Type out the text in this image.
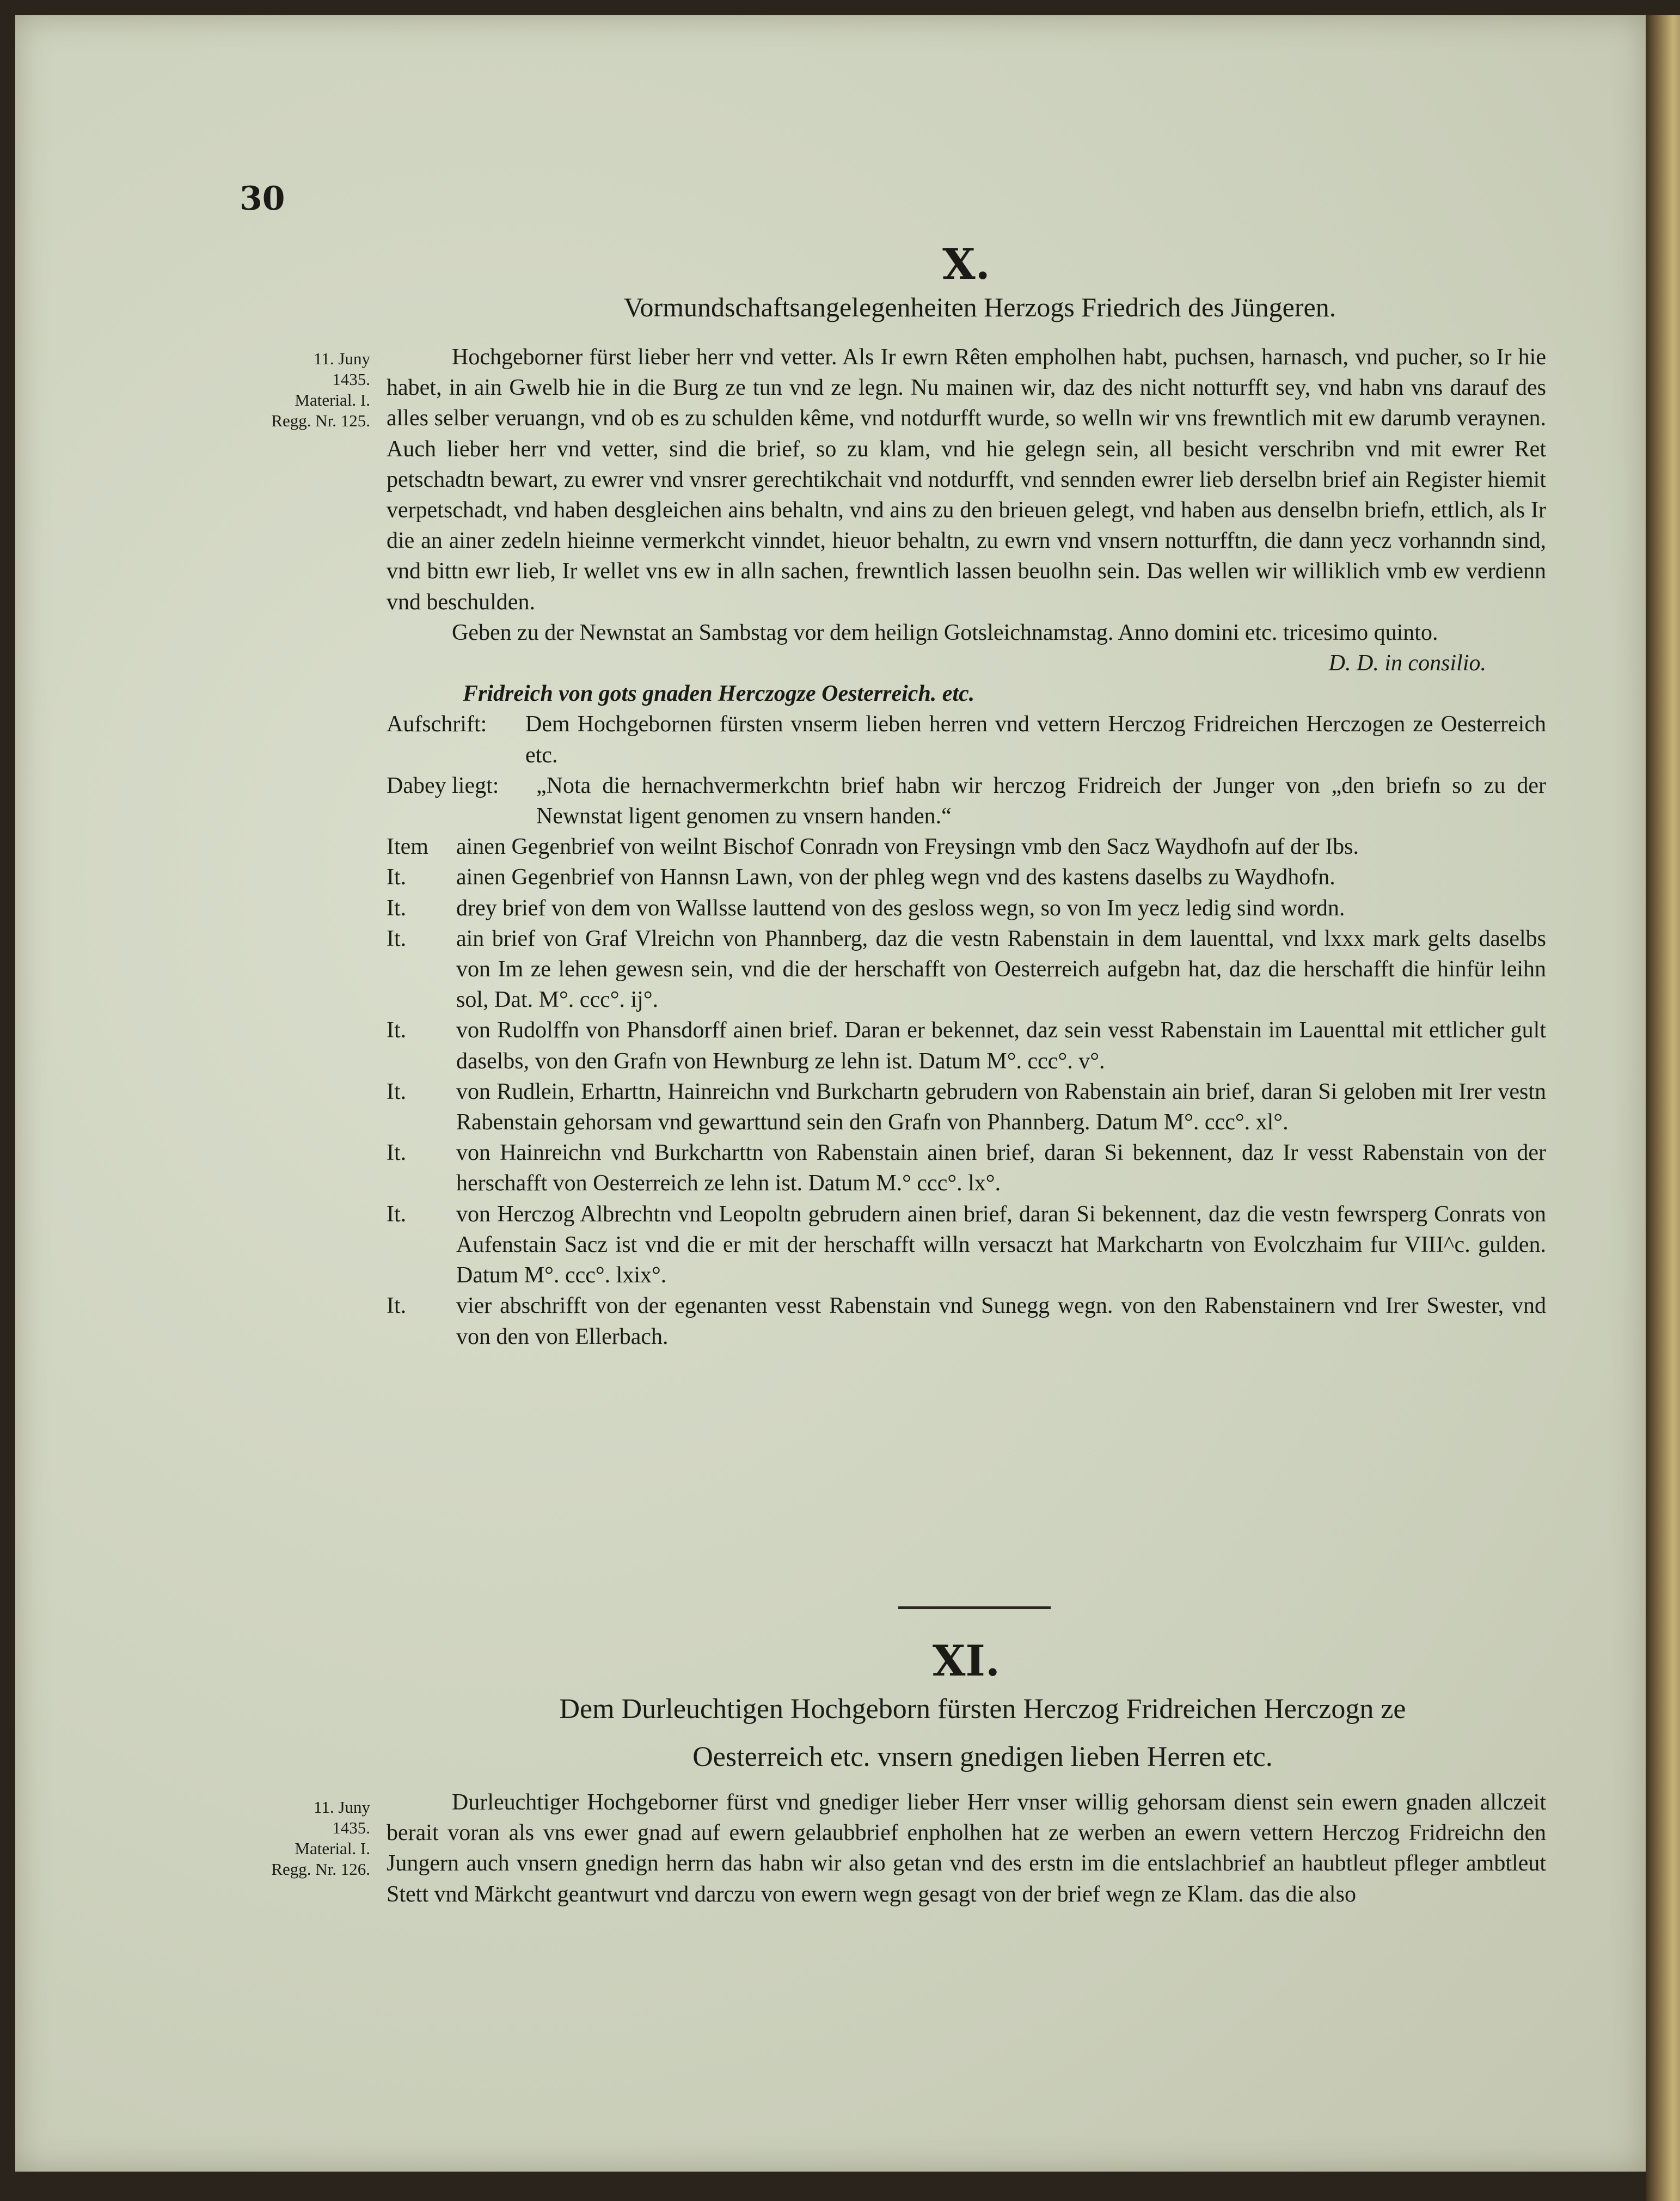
30
X.
Vormundschaftsangelegenheiten Herzogs Friedrich des Jüngeren.
11. Juny
1435.
Material. I.
Regg. Nr. 125.

Hochgeborner fürst lieber herr vnd vetter. Als Ir ewrn Rêten empholhen habt, puchsen, harnasch, vnd pucher, so Ir hie habet, in ain Gwelb hie in die Burg ze tun vnd ze legn. Nu mainen wir, daz des nicht notturfft sey, vnd habn vns darauf des alles selber veruangn, vnd ob es zu schulden kême, vnd notdurfft wurde, so welln wir vns frewntlich mit ew darumb veraynen. Auch lieber herr vnd vetter, sind die brief, so zu klam, vnd hie gelegn sein, all besicht verschribn vnd mit ewrer Ret petschadtn bewart, zu ewrer vnd vnsrer gerechtikchait vnd notdurfft, vnd sennden ewrer lieb derselbn brief ain Register hiemit verpetschadt, vnd haben desgleichen ains behaltn, vnd ains zu den brieuen gelegt, vnd haben aus denselbn briefn, ettlich, als Ir die an ainer zedeln hieinne vermerkcht vinndet, hieuor behaltn, zu ewrn vnd vnsern notturfftn, die dann yecz vorhanndn sind, vnd bittn ewr lieb, Ir wellet vns ew in alln sachen, frewntlich lassen beuolhn sein. Das wellen wir williklich vmb ew verdienn vnd beschulden.

Geben zu der Newnstat an Sambstag vor dem heilign Gotsleichnamstag. Anno domini etc. tricesimo quinto.

D. D. in consilio.

Fridreich von gots gnaden Herczogze Oesterreich. etc.

Aufschrift:	Dem Hochgebornen fürsten vnserm lieben herren vnd vettern Herczog Fridreichen Herczogen ze Oesterreich etc.
Dabey liegt:	„Nota die hernachvermerkchtn brief habn wir herczog Fridreich der Junger von „den briefn so zu der Newnstat ligent genomen zu vnsern handen.“
Item	ainen Gegenbrief von weilnt Bischof Conradn von Freysingn vmb den Sacz Waydhofn auf der Ibs.
It.	ainen Gegenbrief von Hannsn Lawn, von der phleg wegn vnd des kastens daselbs zu Waydhofn.
It.	drey brief von dem von Wallsse lauttend von des gesloss wegn, so von Im yecz ledig sind wordn.
It.	ain brief von Graf Vlreichn von Phannberg, daz die vestn Rabenstain in dem lauenttal, vnd lxxx mark gelts daselbs von Im ze lehen gewesn sein, vnd die der herschafft von Oesterreich aufgebn hat, daz die herschafft die hinfür leihn sol, Dat. M°. ccc°. ij°.
It.	von Rudolffn von Phansdorff ainen brief. Daran er bekennet, daz sein vesst Rabenstain im Lauenttal mit ettlicher gult daselbs, von den Grafn von Hewnburg ze lehn ist. Datum M°. ccc°. v°.
It.	von Rudlein, Erharttn, Hainreichn vnd Burkchartn gebrudern von Rabenstain ain brief, daran Si geloben mit Irer vestn Rabenstain gehorsam vnd gewarttund sein den Grafn von Phannberg. Datum M°. ccc°. xl°.
It.	von Hainreichn vnd Burkcharttn von Rabenstain ainen brief, daran Si bekennent, daz Ir vesst Rabenstain von der herschafft von Oesterreich ze lehn ist. Datum M.° ccc°. lx°.
It.	von Herczog Albrechtn vnd Leopoltn gebrudern ainen brief, daran Si bekennent, daz die vestn fewrsperg Conrats von Aufenstain Sacz ist vnd die er mit der herschafft willn versaczt hat Markchartn von Evolczhaim fur VIII^c. gulden. Datum M°. ccc°. lxix°.
It.	vier abschrifft von der egenanten vesst Rabenstain vnd Sunegg wegn. von den Rabenstainern vnd Irer Swester, vnd von den von Ellerbach.
XI.
Dem Durleuchtigen Hochgeborn fürsten Herczog Fridreichen Herczogn ze
Oesterreich etc. vnsern gnedigen lieben Herren etc.
11. Juny
1435.
Material. I.
Regg. Nr. 126.

Durleuchtiger Hochgeborner fürst vnd gnediger lieber Herr vnser willig gehorsam dienst sein ewern gnaden allczeit berait voran als vns ewer gnad auf ewern gelaubbrief enpholhen hat ze werben an ewern vettern Herczog Fridreichn den Jungern auch vnsern gnedign herrn das habn wir also getan vnd des erstn im die entslachbrief an haubtleut pfleger ambtleut Stett vnd Märkcht geantwurt vnd darczu von ewern wegn gesagt von der brief wegn ze Klam. das die also
